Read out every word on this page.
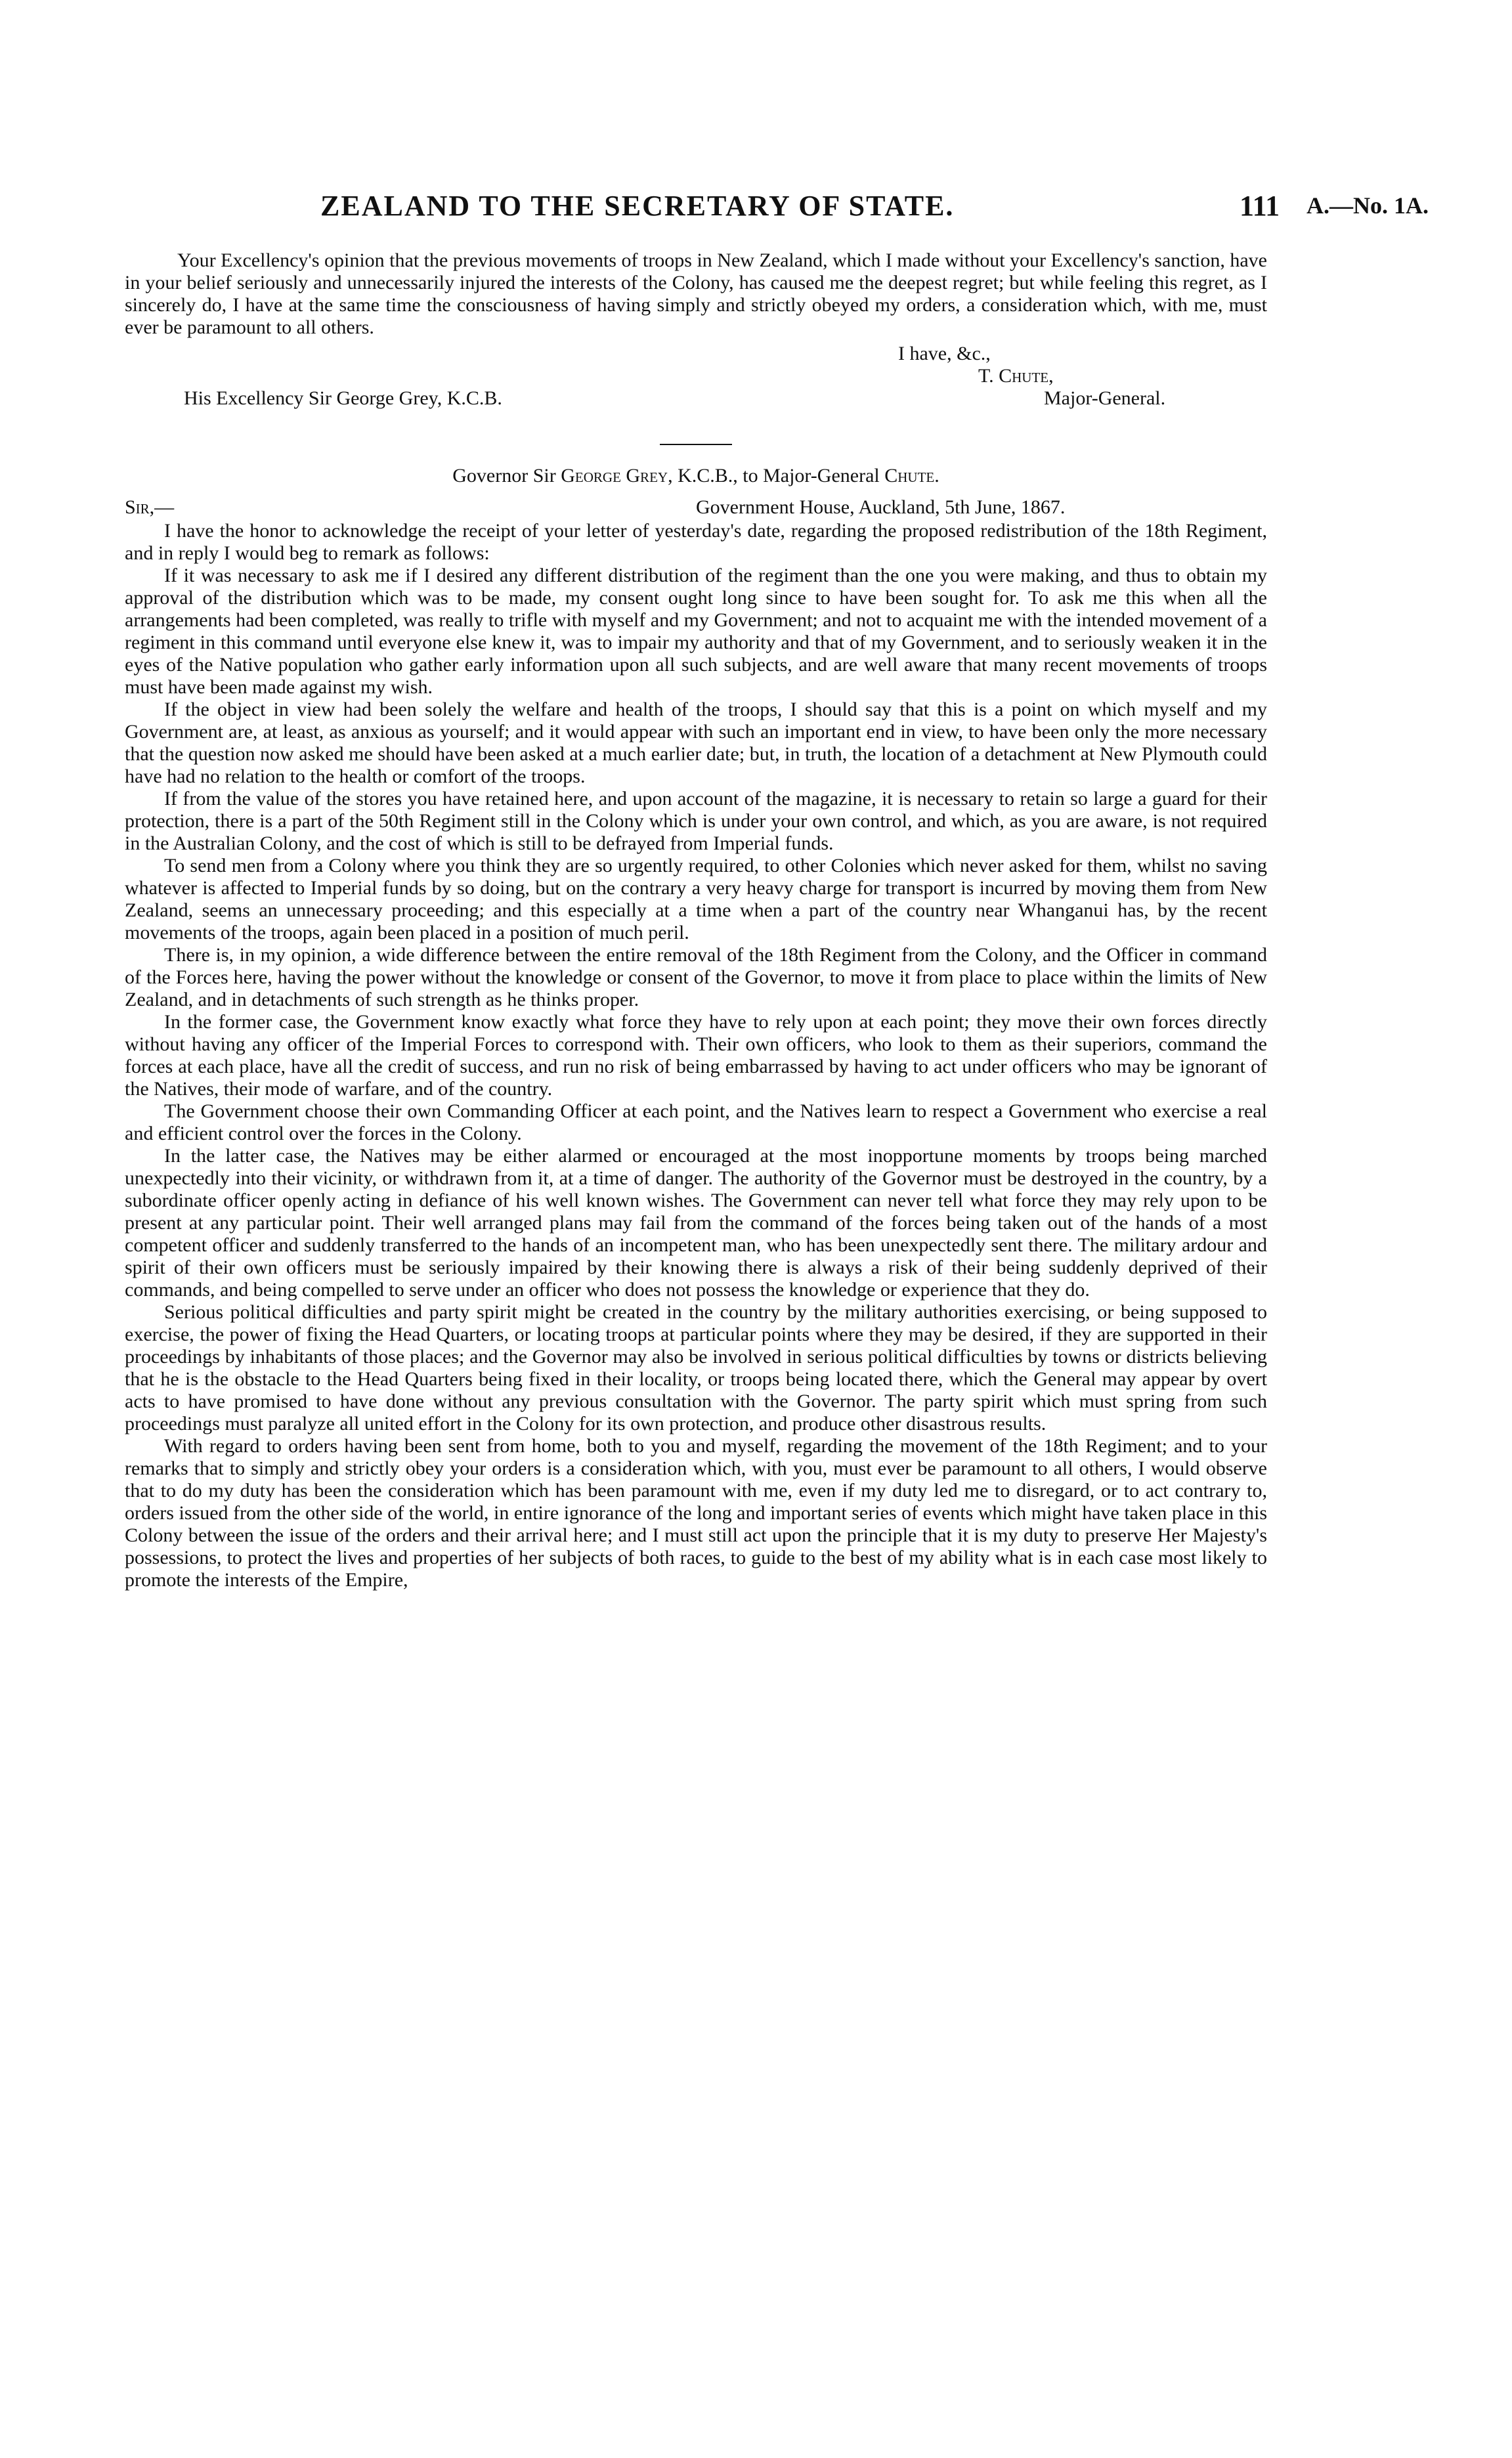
ZEALAND TO THE SECRETARY OF STATE.	111 A.—No. 1A.

Your Excellency's opinion that the previous movements of troops in New Zealand, which I made without your Excellency's sanction, have in your belief seriously and unnecessarily injured the interests of the Colony, has caused me the deepest regret; but while feeling this regret, as I sincerely do, I have at the same time the consciousness of having simply and strictly obeyed my orders, a consideration which, with me, must ever be paramount to all others.

I have, &c.,
T. Chute,
His Excellency Sir George Grey, K.C.B.	Major-General.

Governor Sir George Grey, K.C.B., to Major-General Chute.

Sir,—	Government House, Auckland, 5th June, 1867.

I have the honor to acknowledge the receipt of your letter of yesterday's date, regarding the proposed redistribution of the 18th Regiment, and in reply I would beg to remark as follows:

If it was necessary to ask me if I desired any different distribution of the regiment than the one you were making, and thus to obtain my approval of the distribution which was to be made, my consent ought long since to have been sought for. To ask me this when all the arrangements had been completed, was really to trifle with myself and my Government; and not to acquaint me with the intended movement of a regiment in this command until everyone else knew it, was to impair my authority and that of my Government, and to seriously weaken it in the eyes of the Native population who gather early information upon all such subjects, and are well aware that many recent movements of troops must have been made against my wish.

If the object in view had been solely the welfare and health of the troops, I should say that this is a point on which myself and my Government are, at least, as anxious as yourself; and it would appear with such an important end in view, to have been only the more necessary that the question now asked me should have been asked at a much earlier date; but, in truth, the location of a detachment at New Plymouth could have had no relation to the health or comfort of the troops.

If from the value of the stores you have retained here, and upon account of the magazine, it is necessary to retain so large a guard for their protection, there is a part of the 50th Regiment still in the Colony which is under your own control, and which, as you are aware, is not required in the Australian Colony, and the cost of which is still to be defrayed from Imperial funds.

To send men from a Colony where you think they are so urgently required, to other Colonies which never asked for them, whilst no saving whatever is affected to Imperial funds by so doing, but on the contrary a very heavy charge for transport is incurred by moving them from New Zealand, seems an unnecessary proceeding; and this especially at a time when a part of the country near Whanganui has, by the recent movements of the troops, again been placed in a position of much peril.

There is, in my opinion, a wide difference between the entire removal of the 18th Regiment from the Colony, and the Officer in command of the Forces here, having the power without the knowledge or consent of the Governor, to move it from place to place within the limits of New Zealand, and in detachments of such strength as he thinks proper.

In the former case, the Government know exactly what force they have to rely upon at each point; they move their own forces directly without having any officer of the Imperial Forces to correspond with. Their own officers, who look to them as their superiors, command the forces at each place, have all the credit of success, and run no risk of being embarrassed by having to act under officers who may be ignorant of the Natives, their mode of warfare, and of the country.

The Government choose their own Commanding Officer at each point, and the Natives learn to respect a Government who exercise a real and efficient control over the forces in the Colony.

In the latter case, the Natives may be either alarmed or encouraged at the most inopportune moments by troops being marched unexpectedly into their vicinity, or withdrawn from it, at a time of danger. The authority of the Governor must be destroyed in the country, by a subordinate officer openly acting in defiance of his well known wishes. The Government can never tell what force they may rely upon to be present at any particular point. Their well arranged plans may fail from the command of the forces being taken out of the hands of a most competent officer and suddenly transferred to the hands of an incompetent man, who has been unexpectedly sent there. The military ardour and spirit of their own officers must be seriously impaired by their knowing there is always a risk of their being suddenly deprived of their commands, and being compelled to serve under an officer who does not possess the knowledge or experience that they do.

Serious political difficulties and party spirit might be created in the country by the military authorities exercising, or being supposed to exercise, the power of fixing the Head Quarters, or locating troops at particular points where they may be desired, if they are supported in their proceedings by inhabitants of those places; and the Governor may also be involved in serious political difficulties by towns or districts believing that he is the obstacle to the Head Quarters being fixed in their locality, or troops being located there, which the General may appear by overt acts to have promised to have done without any previous consultation with the Governor. The party spirit which must spring from such proceedings must paralyze all united effort in the Colony for its own protection, and produce other disastrous results.

With regard to orders having been sent from home, both to you and myself, regarding the movement of the 18th Regiment; and to your remarks that to simply and strictly obey your orders is a consideration which, with you, must ever be paramount to all others, I would observe that to do my duty has been the consideration which has been paramount with me, even if my duty led me to disregard, or to act contrary to, orders issued from the other side of the world, in entire ignorance of the long and important series of events which might have taken place in this Colony between the issue of the orders and their arrival here; and I must still act upon the principle that it is my duty to preserve Her Majesty's possessions, to protect the lives and properties of her subjects of both races, to guide to the best of my ability what is in each case most likely to promote the interests of the Empire,
